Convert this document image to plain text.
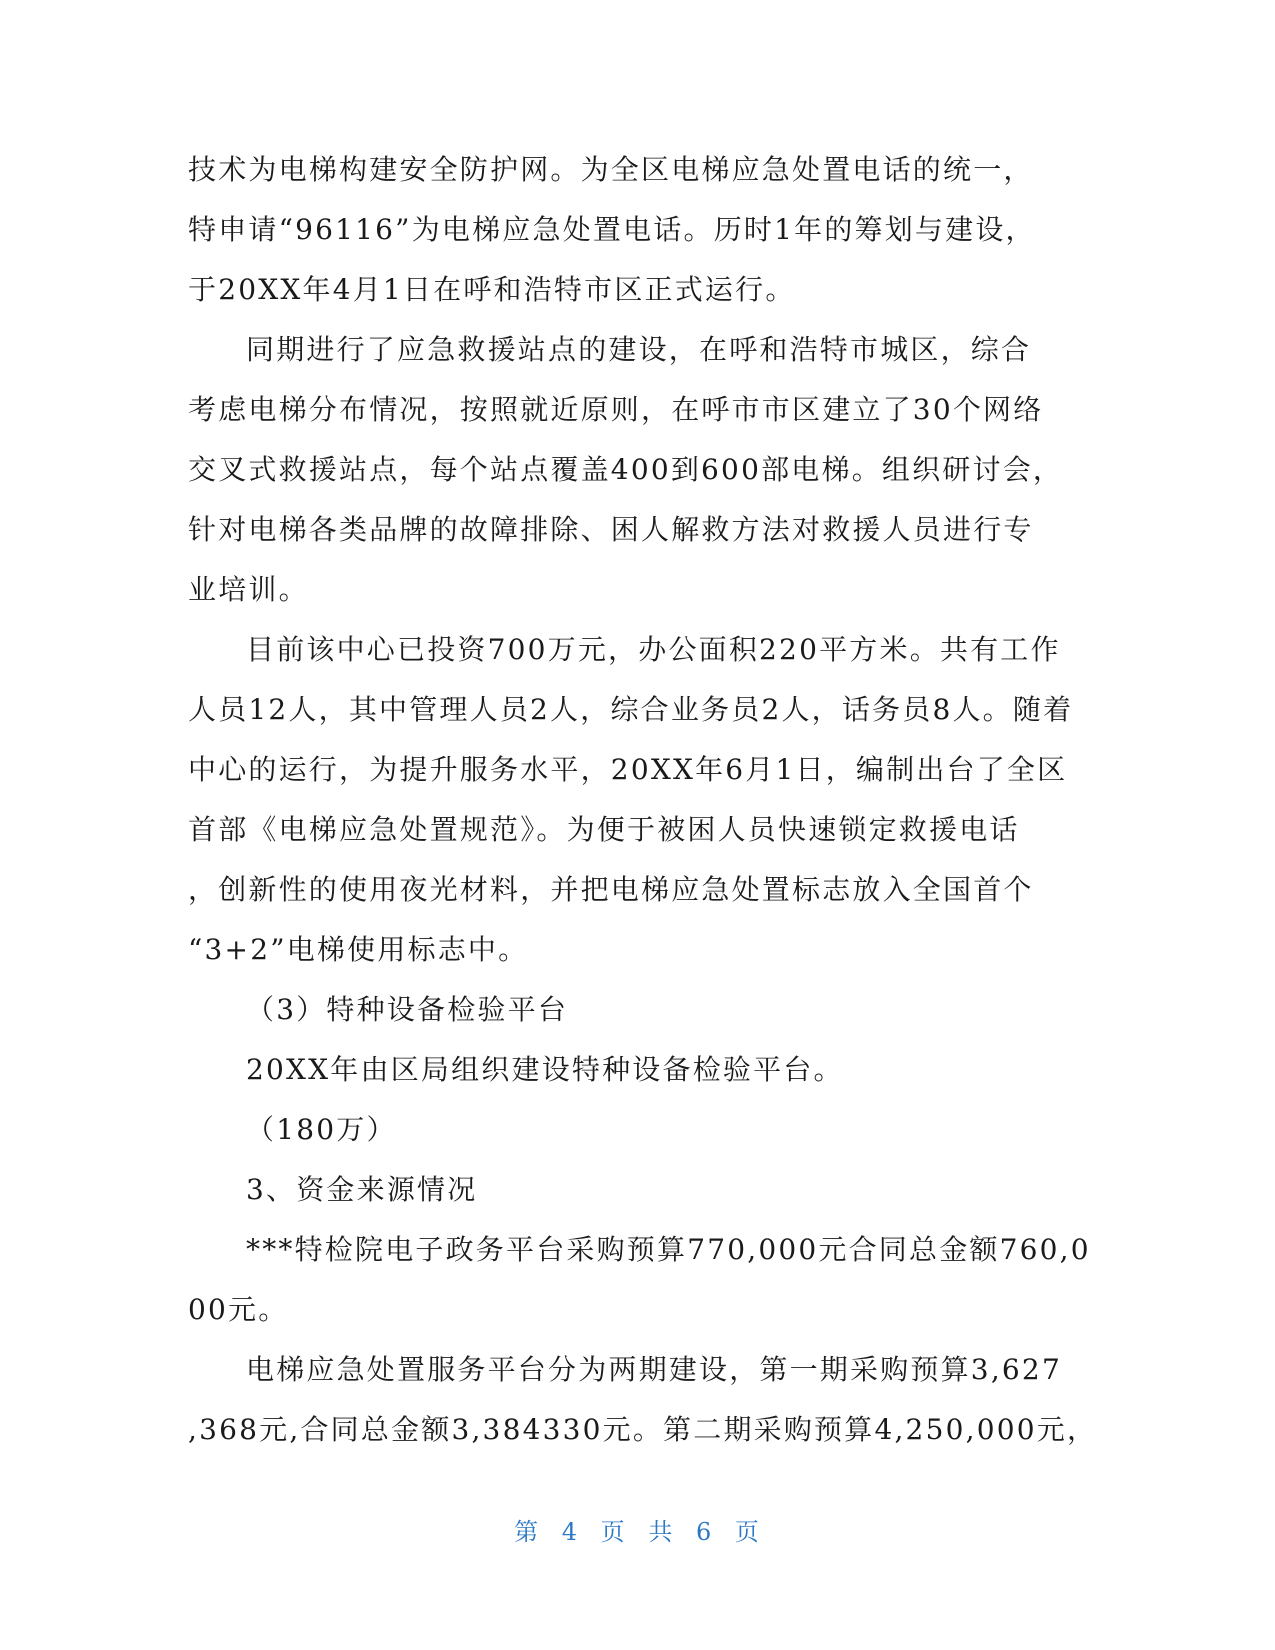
技术为电梯构建安全防护网。为全区电梯应急处置电话的统一，
特申请“96116”为电梯应急处置电话。历时1年的筹划与建设，
于20XX年4月1日在呼和浩特市区正式运行。
同期进行了应急救援站点的建设，在呼和浩特市城区，综合
考虑电梯分布情况，按照就近原则，在呼市市区建立了30个网络
交叉式救援站点，每个站点覆盖400到600部电梯。组织研讨会，
针对电梯各类品牌的故障排除、困人解救方法对救援人员进行专
业培训。
目前该中心已投资700万元，办公面积220平方米。共有工作
人员12人，其中管理人员2人，综合业务员2人，话务员8人。随着
中心的运行，为提升服务水平，20XX年6月1日，编制出台了全区
首部《电梯应急处置规范》。为便于被困人员快速锁定救援电话
，创新性的使用夜光材料，并把电梯应急处置标志放入全国首个
“3+2”电梯使用标志中。
（3）特种设备检验平台
20XX年由区局组织建设特种设备检验平台。
（180万）
3、资金来源情况
***特检院电子政务平台采购预算770,000元合同总金额760,0
00元。
电梯应急处置服务平台分为两期建设，第一期采购预算3,627
,368元,合同总金额3,384330元。第二期采购预算4,250,000元，
第 4 页 共 6 页
